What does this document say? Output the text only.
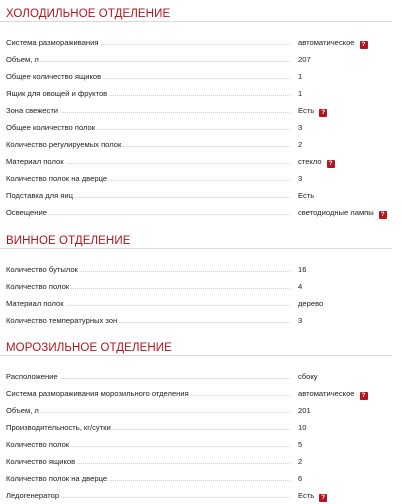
ХОЛОДИЛЬНОЕ ОТДЕЛЕНИЕ
Система размораживания	автоматическое ?
Объем, л	207
Общее количество ящиков	1
Ящик для овощей и фруктов	1
Зона свежести	Есть ?
Общее количество полок	3
Количество регулируемых полок	2
Материал полок	стекло ?
Количество полок на дверце	3
Подставка для яиц	Есть
Освещение	светодиодные лампы ?
ВИННОЕ ОТДЕЛЕНИЕ
Количество бутылок	16
Количество полок	4
Материал полок	дерево
Количество температурных зон	3
МОРОЗИЛЬНОЕ ОТДЕЛЕНИЕ
Расположение	сбоку
Система размораживания морозильного отделения	автоматическое ?
Объем, л	201
Производительность, кг/сутки	10
Количество полок	5
Количество ящиков	2
Количество полок на дверце	6
Ледогенератор	Есть ?
